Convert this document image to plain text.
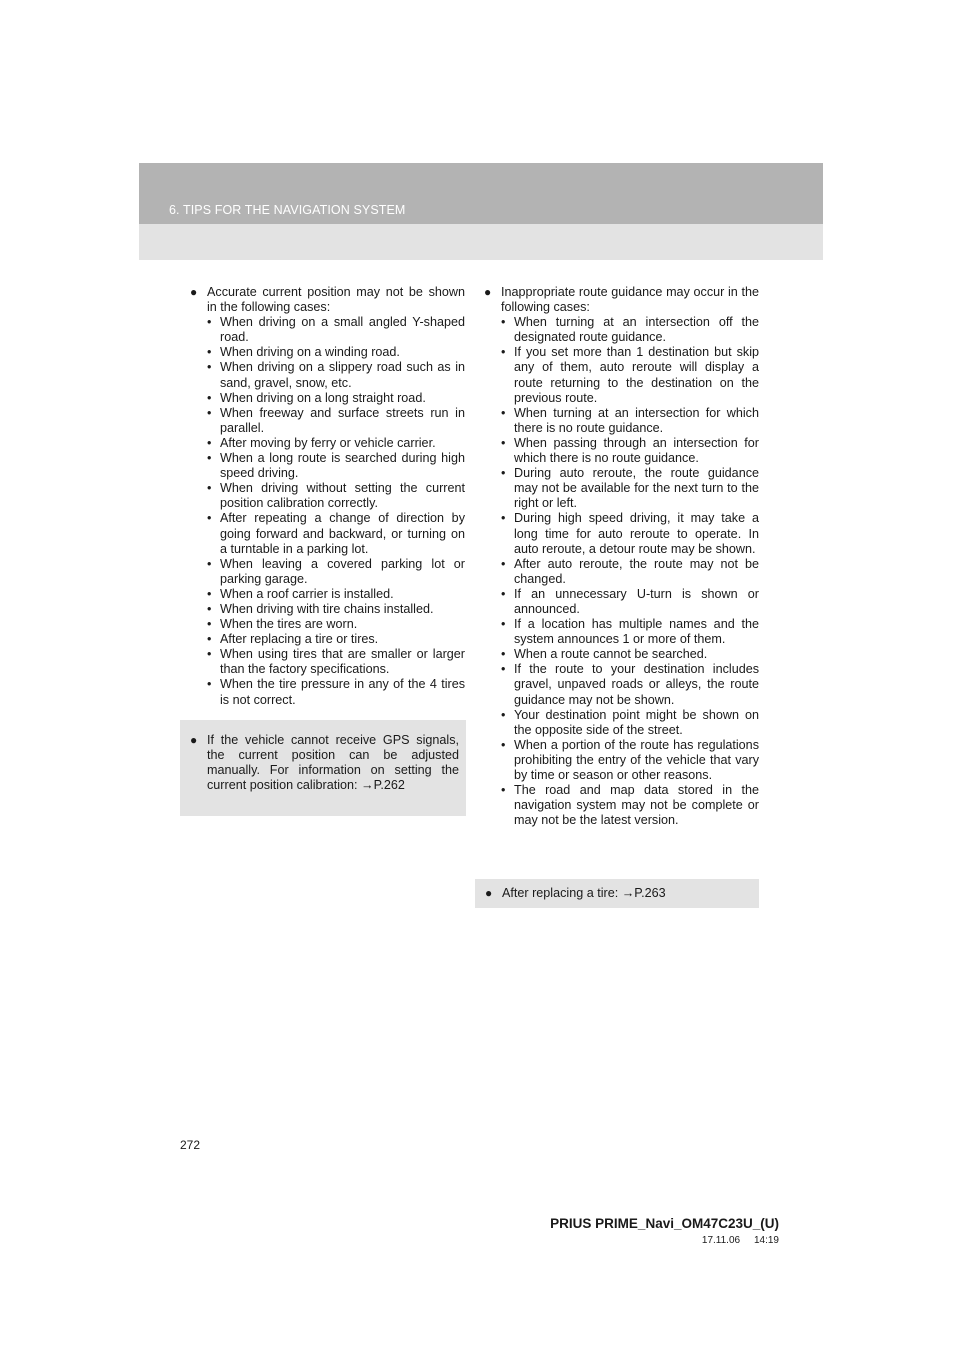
6. TIPS FOR THE NAVIGATION SYSTEM
● Accurate current position may not be shown in the following cases:
• When driving on a small angled Y-shaped road.
• When driving on a winding road.
• When driving on a slippery road such as in sand, gravel, snow, etc.
• When driving on a long straight road.
• When freeway and surface streets run in parallel.
• After moving by ferry or vehicle carrier.
• When a long route is searched during high speed driving.
• When driving without setting the current position calibration correctly.
• After repeating a change of direction by going forward and backward, or turning on a turntable in a parking lot.
• When leaving a covered parking lot or parking garage.
• When a roof carrier is installed.
• When driving with tire chains installed.
• When the tires are worn.
• After replacing a tire or tires.
• When using tires that are smaller or larger than the factory specifications.
• When the tire pressure in any of the 4 tires is not correct.
● If the vehicle cannot receive GPS signals, the current position can be adjusted manually. For information on setting the current position calibration: →P.262
● Inappropriate route guidance may occur in the following cases:
• When turning at an intersection off the designated route guidance.
• If you set more than 1 destination but skip any of them, auto reroute will display a route returning to the destination on the previous route.
• When turning at an intersection for which there is no route guidance.
• When passing through an intersection for which there is no route guidance.
• During auto reroute, the route guidance may not be available for the next turn to the right or left.
• During high speed driving, it may take a long time for auto reroute to operate. In auto reroute, a detour route may be shown.
• After auto reroute, the route may not be changed.
• If an unnecessary U-turn is shown or announced.
• If a location has multiple names and the system announces 1 or more of them.
• When a route cannot be searched.
• If the route to your destination includes gravel, unpaved roads or alleys, the route guidance may not be shown.
• Your destination point might be shown on the opposite side of the street.
• When a portion of the route has regulations prohibiting the entry of the vehicle that vary by time or season or other reasons.
• The road and map data stored in the navigation system may not be complete or may not be the latest version.
● After replacing a tire: →P.263
272
PRIUS PRIME_Navi_OM47C23U_(U)
17.11.06     14:19
